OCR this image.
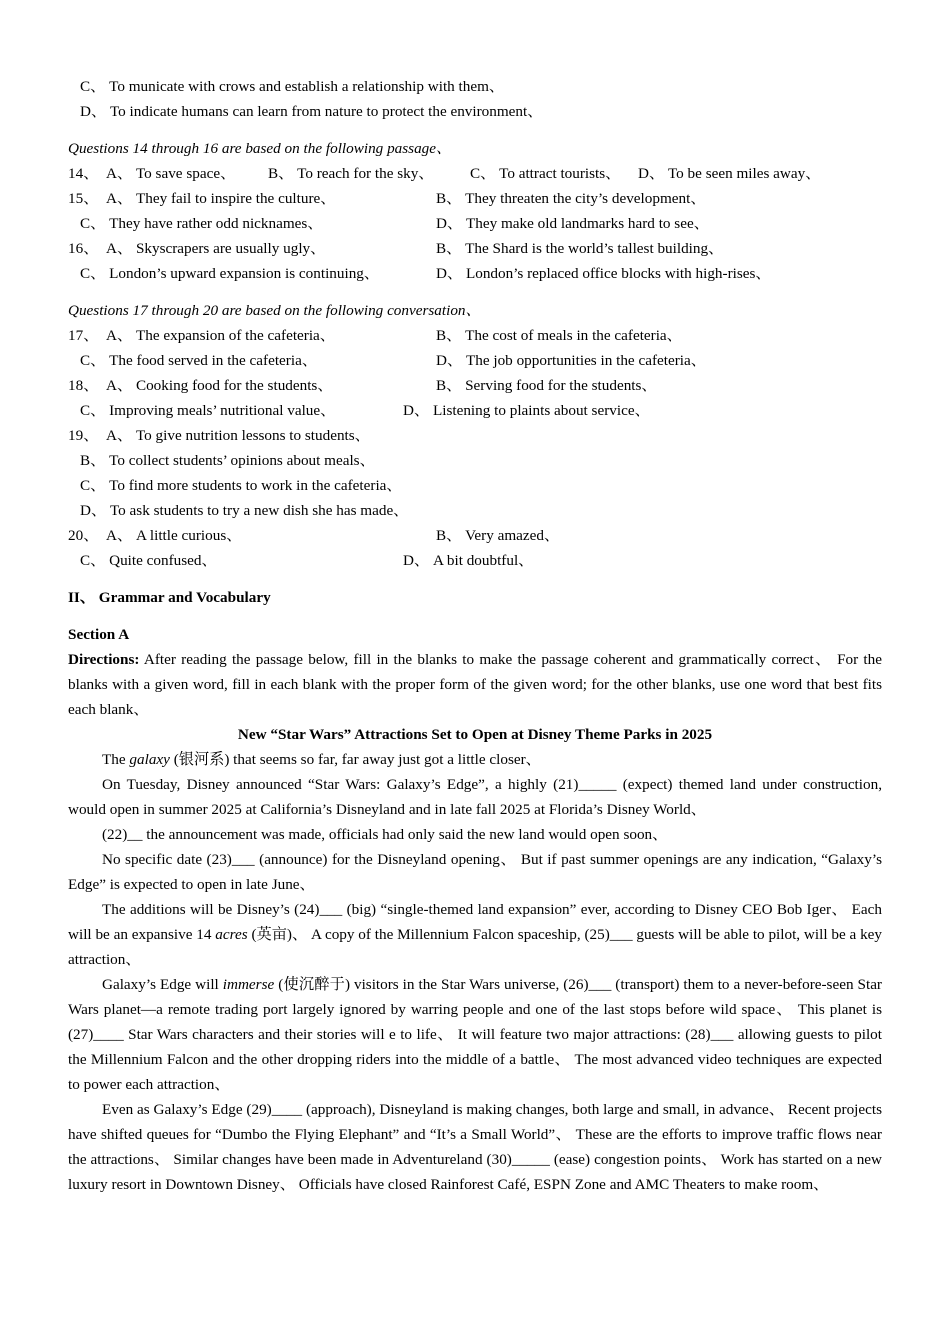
C、 To municate with crows and establish a relationship with them、
D、 To indicate humans can learn from nature to protect the environment、
Questions 14 through 16 are based on the following passage、
14、 A、 To save space、 B、 To reach for the sky、 C、 To attract tourists、 D、 To be seen miles away、
15、 A、 They fail to inspire the culture、	B、 They threaten the city’s development、
C、 They have rather odd nicknames、	D、 They make old landmarks hard to see、
16、 A、 Skyscrapers are usually ugly、	B、 The Shard is the world’s tallest building、
C、 London’s upward expansion is continuing、	D、 London’s replaced office blocks with high-rises、
Questions 17 through 20 are based on the following conversation、
17、 A、 The expansion of the cafeteria、	B、 The cost of meals in the cafeteria、
C、 The food served in the cafeteria、	D、 The job opportunities in the cafeteria、
18、 A、 Cooking food for the students、	B、 Serving food for the students、
C、 Improving meals’ nutritional value、	D、 Listening to plaints about service、
19、 A、 To give nutrition lessons to students、
B、 To collect students’ opinions about meals、
C、 To find more students to work in the cafeteria、
D、 To ask students to try a new dish she has made、
20、 A、 A little curious、	B、 Very amazed、
C、 Quite confused、	D、 A bit doubtful、
II、 Grammar and Vocabulary
Section A
Directions: After reading the passage below, fill in the blanks to make the passage coherent and grammatically correct、 For the blanks with a given word, fill in each blank with the proper form of the given word; for the other blanks, use one word that best fits each blank、
New “Star Wars” Attractions Set to Open at Disney Theme Parks in 2025
The galaxy (银河系) that seems so far, far away just got a little closer、
On Tuesday, Disney announced “Star Wars: Galaxy’s Edge”, a highly (21)_____ (expect) themed land under construction, would open in summer 2025 at California’s Disneyland and in late fall 2025 at Florida’s Disney World、
(22)__ the announcement was made, officials had only said the new land would open soon、
No specific date (23)___ (announce) for the Disneyland opening、 But if past summer openings are any indication, “Galaxy’s Edge” is expected to open in late June、
The additions will be Disney’s (24)___ (big) “single-themed land expansion” ever, according to Disney CEO Bob Iger、 Each will be an expansive 14 acres (英亩)、 A copy of the Millennium Falcon spaceship, (25)___ guests will be able to pilot, will be a key attraction、
Galaxy’s Edge will immerse (使沉醉于) visitors in the Star Wars universe, (26)___ (transport) them to a never-before-seen Star Wars planet—a remote trading port largely ignored by warring people and one of the last stops before wild space、 This planet is (27)____ Star Wars characters and their stories will e to life、 It will feature two major attractions: (28)___ allowing guests to pilot the Millennium Falcon and the other dropping riders into the middle of a battle、 The most advanced video techniques are expected to power each attraction、
Even as Galaxy’s Edge (29)____ (approach), Disneyland is making changes, both large and small, in advance、 Recent projects have shifted queues for “Dumbo the Flying Elephant” and “It’s a Small World”、 These are the efforts to improve traffic flows near the attractions、 Similar changes have been made in Adventureland (30)_____ (ease) congestion points、 Work has started on a new luxury resort in Downtown Disney、 Officials have closed Rainforest Café, ESPN Zone and AMC Theaters to make room、
